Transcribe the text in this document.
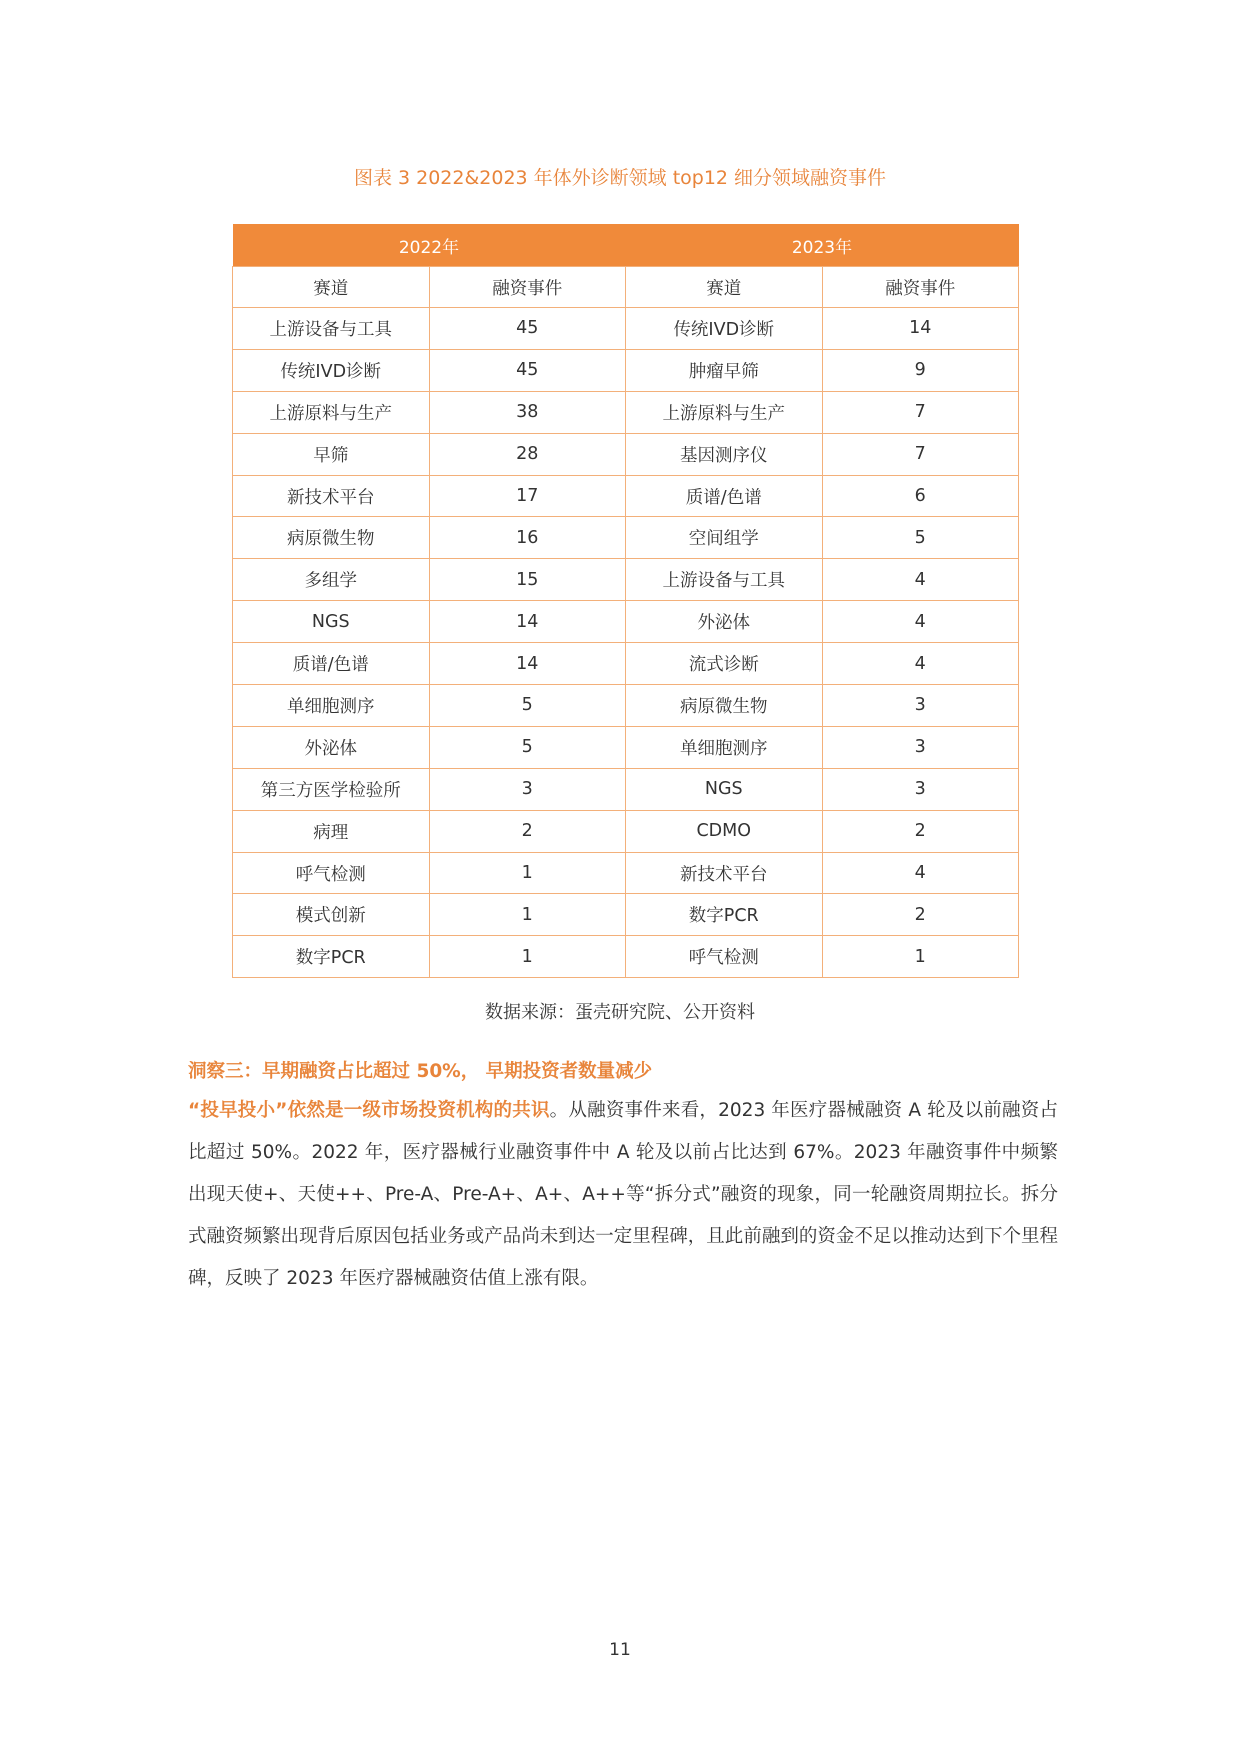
图表 3 2022&2023 年体外诊断领域 top12 细分领域融资事件
2022年		2023年	
赛道	融资事件	赛道	融资事件
上游设备与工具	45	传统IVD诊断	14
传统IVD诊断	45	肿瘤早筛	9
上游原料与生产	38	上游原料与生产	7
早筛	28	基因测序仪	7
新技术平台	17	质谱/色谱	6
病原微生物	16	空间组学	5
多组学	15	上游设备与工具	4
NGS	14	外泌体	4
质谱/色谱	14	流式诊断	4
单细胞测序	5	病原微生物	3
外泌体	5	单细胞测序	3
第三方医学检验所	3	NGS	3
病理	2	CDMO	2
呼气检测	1	新技术平台	4
模式创新	1	数字PCR	2
数字PCR	1	呼气检测	1
数据来源：蛋壳研究院、公开资料
洞察三：早期融资占比超过 50%， 早期投资者数量减少
“投早投小”依然是一级市场投资机构的共识。从融资事件来看，2023 年医疗器械融资 A 轮及以前融资占比超过 50%。2022 年，医疗器械行业融资事件中 A 轮及以前占比达到 67%。2023 年融资事件中频繁出现天使+、天使++、Pre-A、Pre-A+、A+、A++等“拆分式”融资的现象，同一轮融资周期拉长。拆分式融资频繁出现背后原因包括业务或产品尚未到达一定里程碑，且此前融到的资金不足以推动达到下个里程碑，反映了 2023 年医疗器械融资估值上涨有限。
11
